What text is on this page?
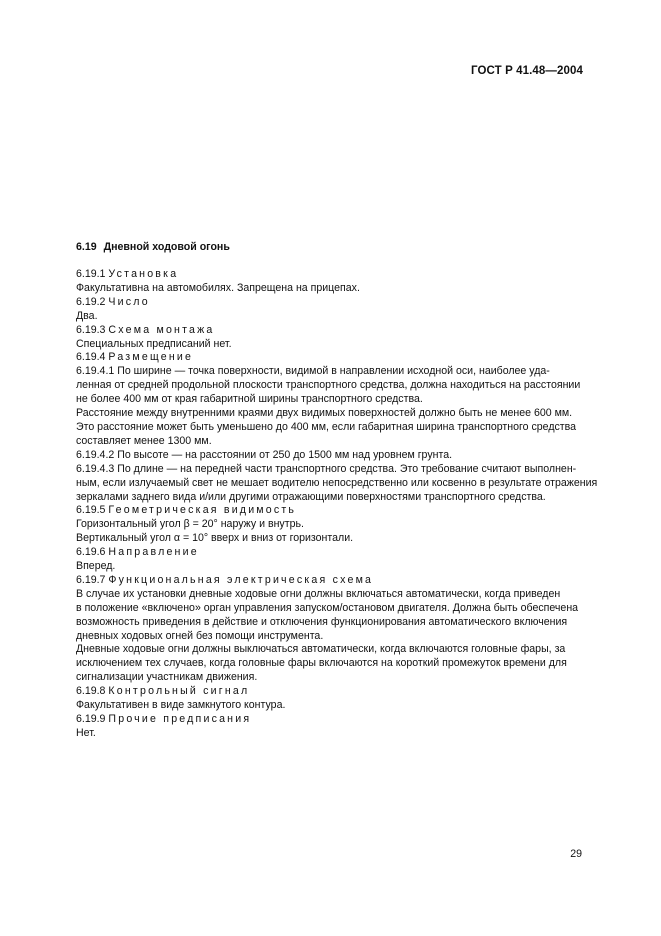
ГОСТ Р 41.48—2004
6.19 Дневной ходовой огонь
6.19.1 Установка
Факультативна на автомобилях. Запрещена на прицепах.
6.19.2 Число
Два.
6.19.3 Схема монтажа
Специальных предписаний нет.
6.19.4 Размещение
6.19.4.1 По ширине — точка поверхности, видимой в направлении исходной оси, наиболее уда-
ленная от средней продольной плоскости транспортного средства, должна находиться на расстоянии
не более 400 мм от края габаритной ширины транспортного средства.
Расстояние между внутренними краями двух видимых поверхностей должно быть не менее 600 мм.
Это расстояние может быть уменьшено до 400 мм, если габаритная ширина транспортного средства
составляет менее 1300 мм.
6.19.4.2 По высоте — на расстоянии от 250 до 1500 мм над уровнем грунта.
6.19.4.3 По длине — на передней части транспортного средства. Это требование считают выполнен-
ным, если излучаемый свет не мешает водителю непосредственно или косвенно в результате отражения
зеркалами заднего вида и/или другими отражающими поверхностями транспортного средства.
6.19.5 Геометрическая видимость
Горизонтальный угол β = 20° наружу и внутрь.
Вертикальный угол α = 10° вверх и вниз от горизонтали.
6.19.6 Направление
Вперед.
6.19.7 Функциональная электрическая схема
В случае их установки дневные ходовые огни должны включаться автоматически, когда приведен
в положение «включено» орган управления запуском/остановом двигателя. Должна быть обеспечена
возможность приведения в действие и отключения функционирования автоматического включения
дневных ходовых огней без помощи инструмента.
Дневные ходовые огни должны выключаться автоматически, когда включаются головные фары, за
исключением тех случаев, когда головные фары включаются на короткий промежуток времени для
сигнализации участникам движения.
6.19.8 Контрольный сигнал
Факультативен в виде замкнутого контура.
6.19.9 Прочие предписания
Нет.
29
